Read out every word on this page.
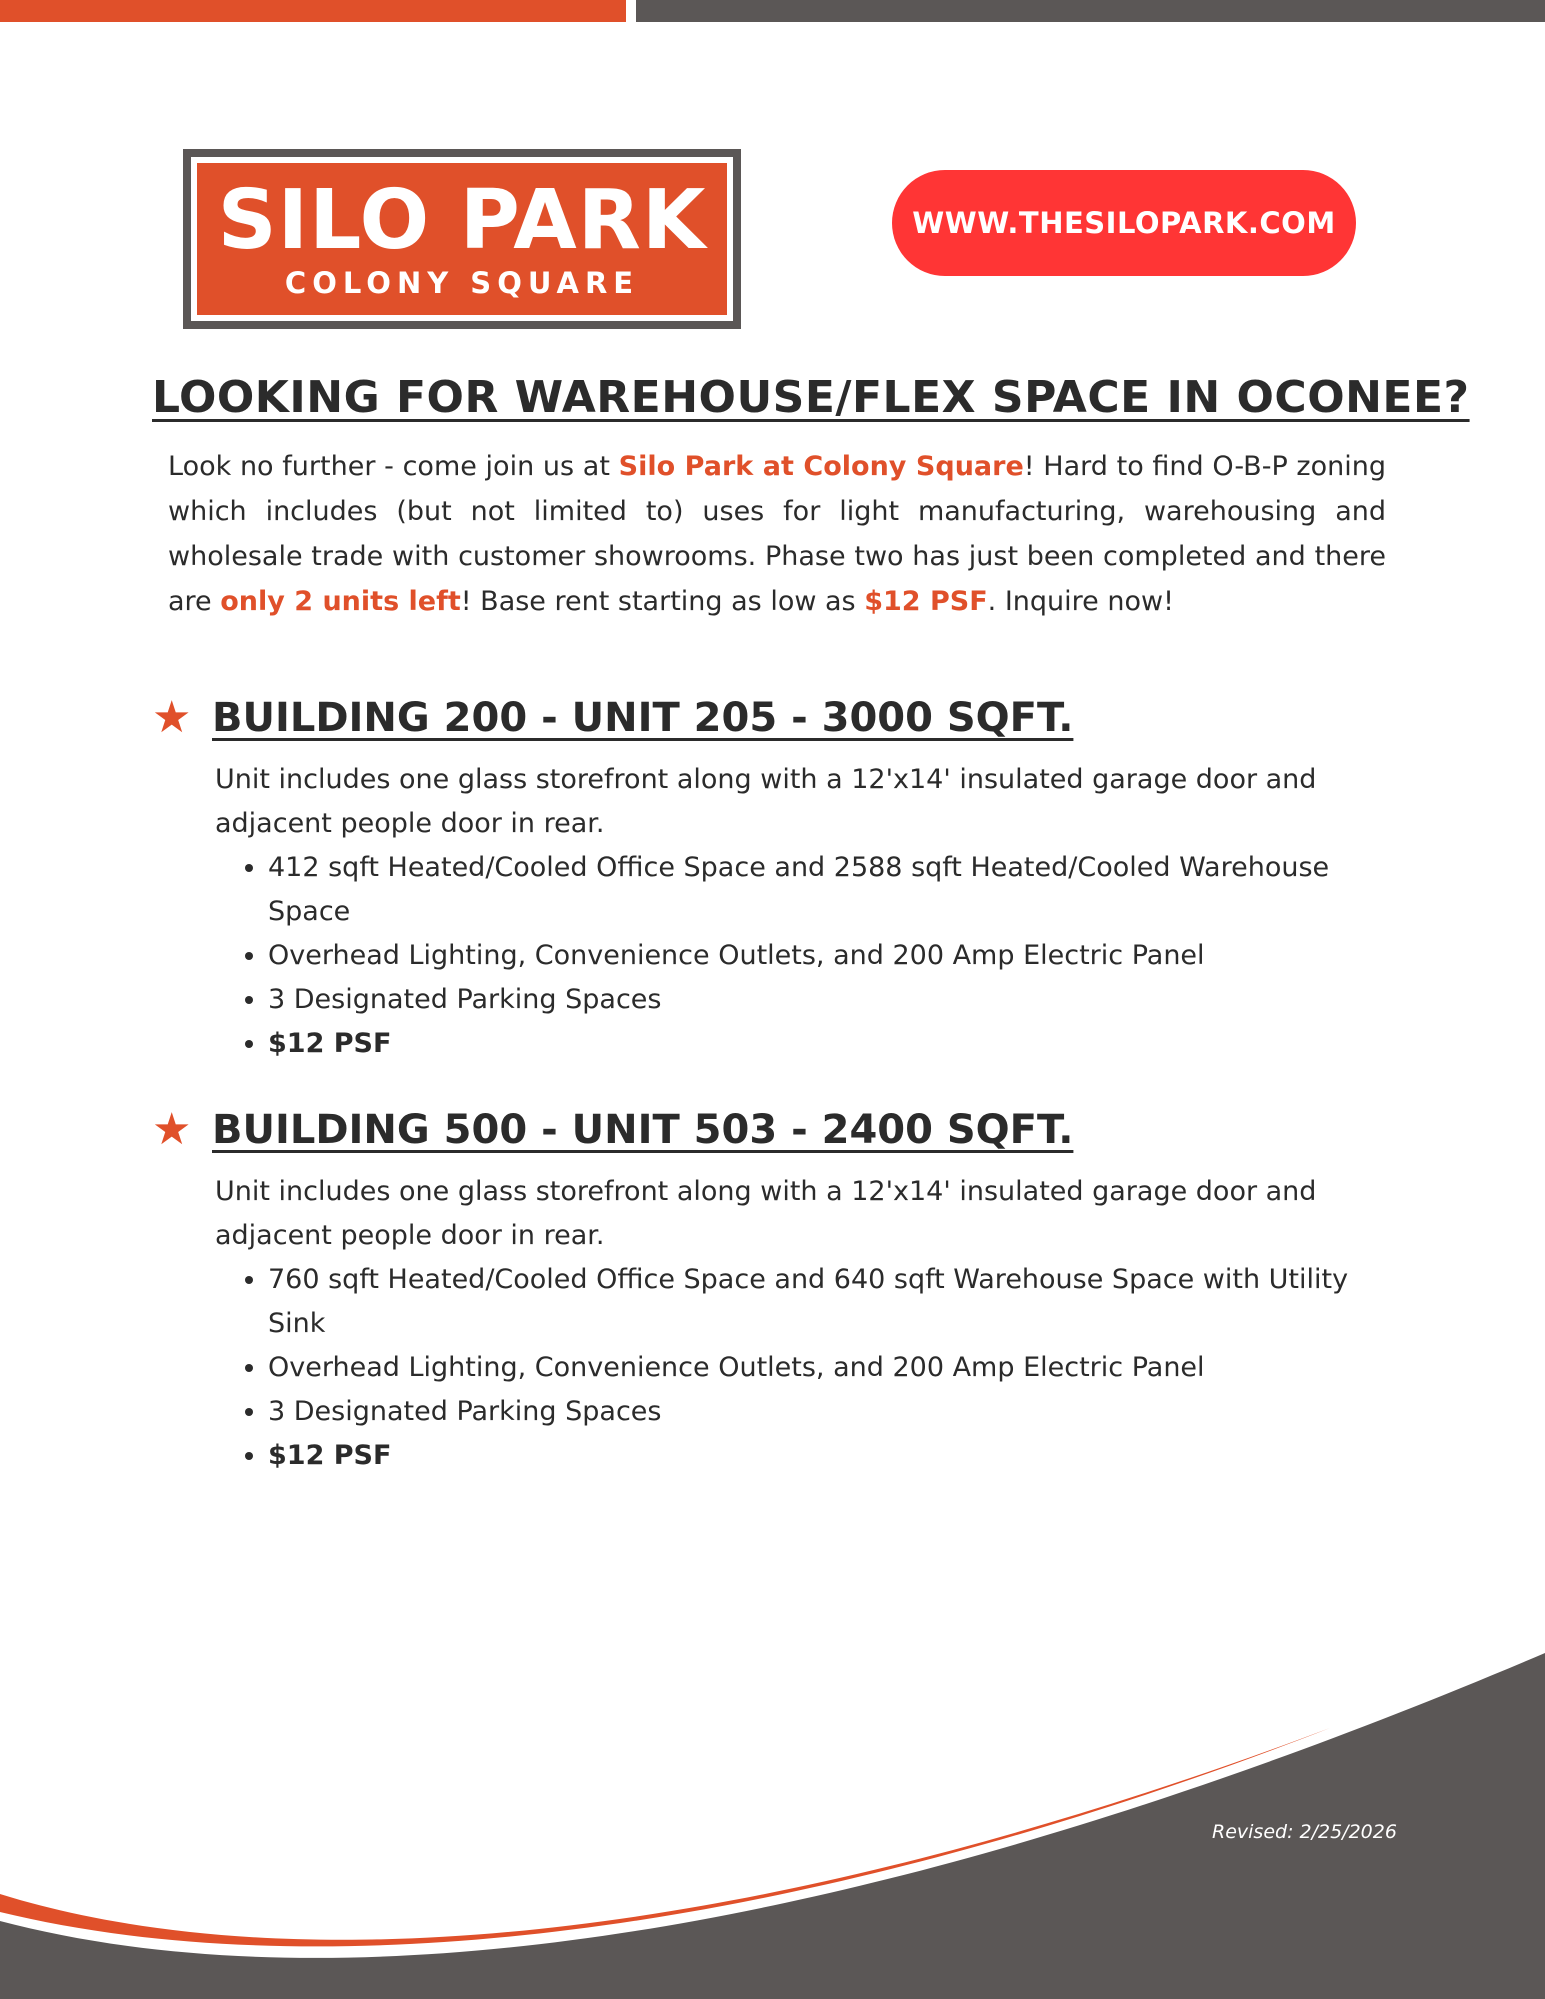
SILO PARK
COLONY SQUARE
WWW.THESILOPARK.COM
LOOKING FOR WAREHOUSE/FLEX SPACE IN OCONEE?
Look no further - come join us at Silo Park at Colony Square! Hard to find O-B-P zoning which includes (but not limited to) uses for light manufacturing, warehousing and wholesale trade with customer showrooms. Phase two has just been completed and there are only 2 units left! Base rent starting as low as $12 PSF. Inquire now!
★ BUILDING 200 - UNIT 205 - 3000 SQFT.
Unit includes one glass storefront along with a 12'x14' insulated garage door and adjacent people door in rear.
• 412 sqft Heated/Cooled Office Space and 2588 sqft Heated/Cooled Warehouse Space
• Overhead Lighting, Convenience Outlets, and 200 Amp Electric Panel
• 3 Designated Parking Spaces
• $12 PSF
★ BUILDING 500 - UNIT 503 - 2400 SQFT.
Unit includes one glass storefront along with a 12'x14' insulated garage door and adjacent people door in rear.
• 760 sqft Heated/Cooled Office Space and 640 sqft Warehouse Space with Utility Sink
• Overhead Lighting, Convenience Outlets, and 200 Amp Electric Panel
• 3 Designated Parking Spaces
• $12 PSF
Revised: 2/25/2026
